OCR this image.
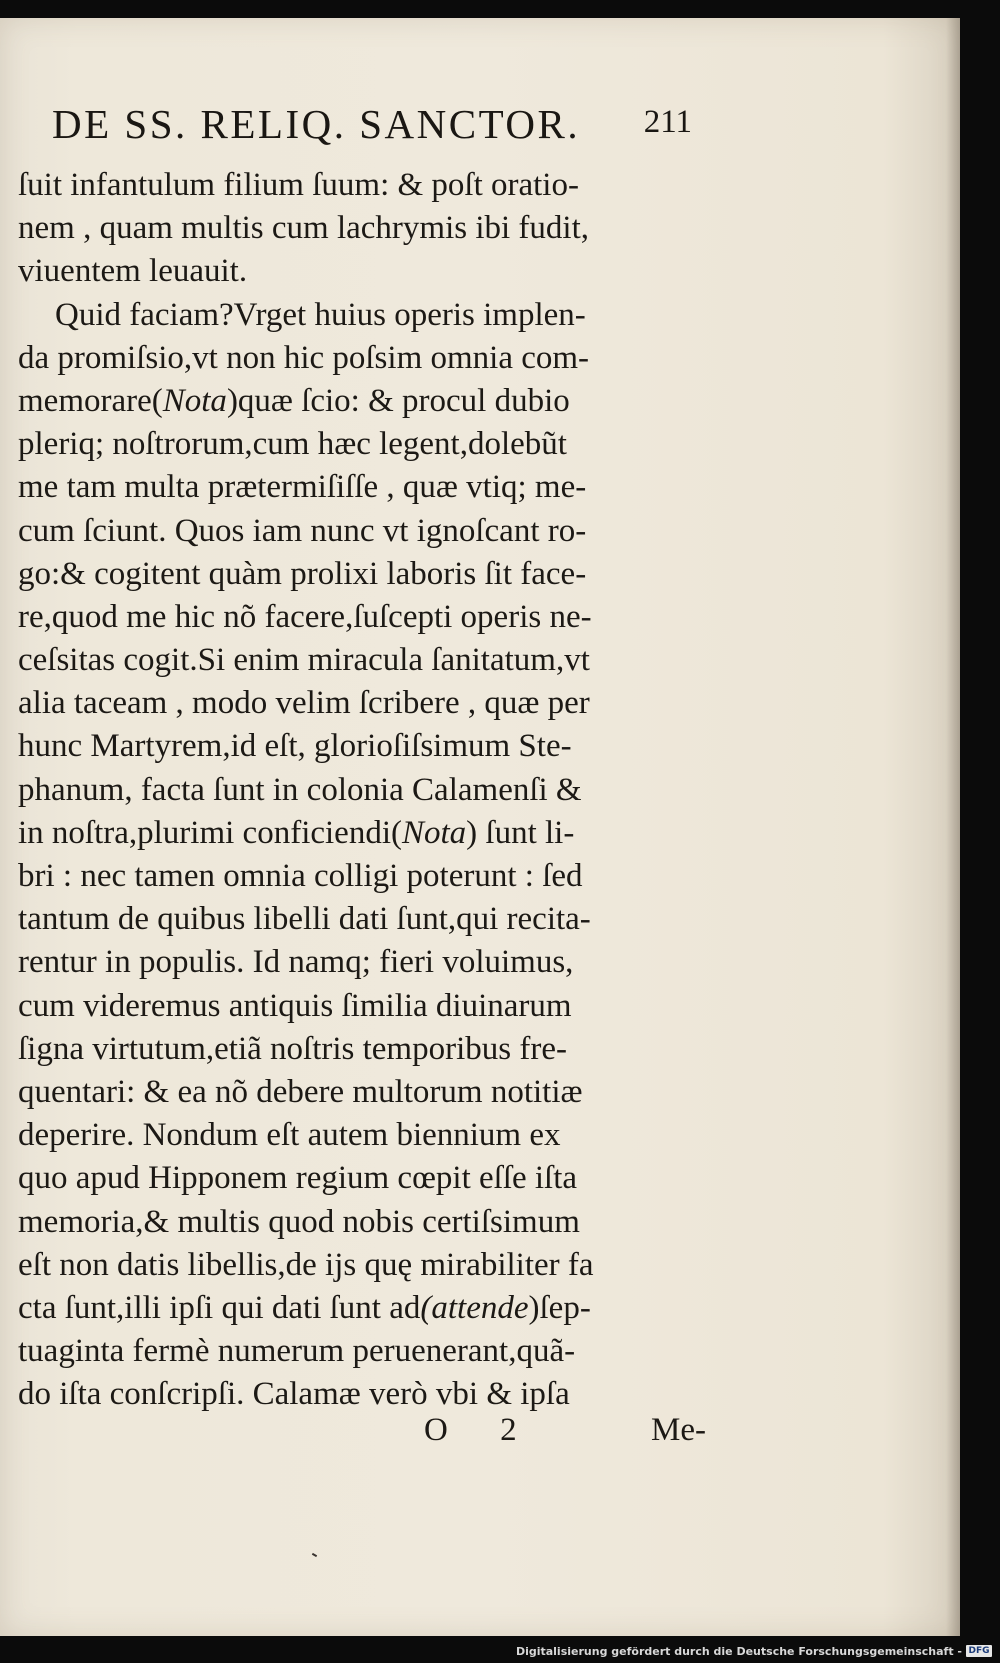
DE SS. RELIQ. SANCTOR. 211
ſuit infantulum filium ſuum: & poſt oratio-
nem , quam multis cum lachrymis ibi fudit,
viuentem leuauit.
Quid faciam?Vrget huius operis implen-
da promiſsio,vt non hic poſsim omnia com-
memorare(Nota)quæ ſcio: & procul dubio
pleriq; noſtrorum,cum hæc legent,dolebũt
me tam multa prætermiſiſſe , quæ vtiq; me-
cum ſciunt. Quos iam nunc vt ignoſcant ro-
go:& cogitent quàm prolixi laboris ſit face-
re,quod me hic nõ facere,ſuſcepti operis ne-
ceſsitas cogit.Si enim miracula ſanitatum,vt
alia taceam , modo velim ſcribere , quæ per
hunc Martyrem,id eſt, glorioſiſsimum Ste-
phanum, facta ſunt in colonia Calamenſi &
in noſtra,plurimi conficiendi(Nota) ſunt li-
bri : nec tamen omnia colligi poterunt : ſed
tantum de quibus libelli dati ſunt,qui recita-
rentur in populis. Id namq; fieri voluimus,
cum videremus antiquis ſimilia diuinarum
ſigna virtutum,etiã noſtris temporibus fre-
quentari: & ea nõ debere multorum notitiæ
deperire. Nondum eſt autem biennium ex
quo apud Hipponem regium cœpit eſſe iſta
memoria,& multis quod nobis certiſsimum
eſt non datis libellis,de ijs quę mirabiliter fa
cta ſunt,illi ipſi qui dati ſunt ad(attende)ſep-
tuaginta fermè numerum peruenerant,quã-
do iſta conſcripſi. Calamæ verò vbi & ipſa
O 2	Me-
Digitalisierung gefördert durch die Deutsche Forschungsgemeinschaft - DFG
